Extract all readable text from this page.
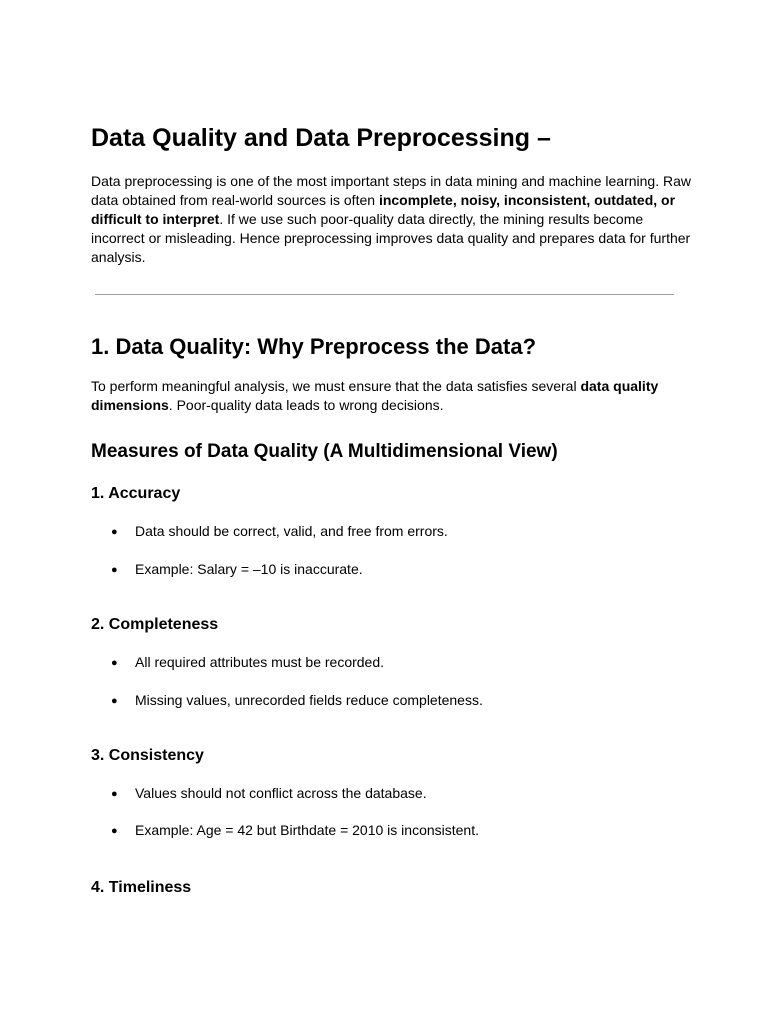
Data Quality and Data Preprocessing –

Data preprocessing is one of the most important steps in data mining and machine learning. Raw data obtained from real-world sources is often incomplete, noisy, inconsistent, outdated, or difficult to interpret. If we use such poor-quality data directly, the mining results become incorrect or misleading. Hence preprocessing improves data quality and prepares data for further analysis.

1. Data Quality: Why Preprocess the Data?

To perform meaningful analysis, we must ensure that the data satisfies several data quality dimensions. Poor-quality data leads to wrong decisions.

Measures of Data Quality (A Multidimensional View)
1. Accuracy
● Data should be correct, valid, and free from errors.
● Example: Salary = –10 is inaccurate.
2. Completeness
● All required attributes must be recorded.
● Missing values, unrecorded fields reduce completeness.
3. Consistency
● Values should not conflict across the database.
● Example: Age = 42 but Birthdate = 2010 is inconsistent.
4. Timeliness
